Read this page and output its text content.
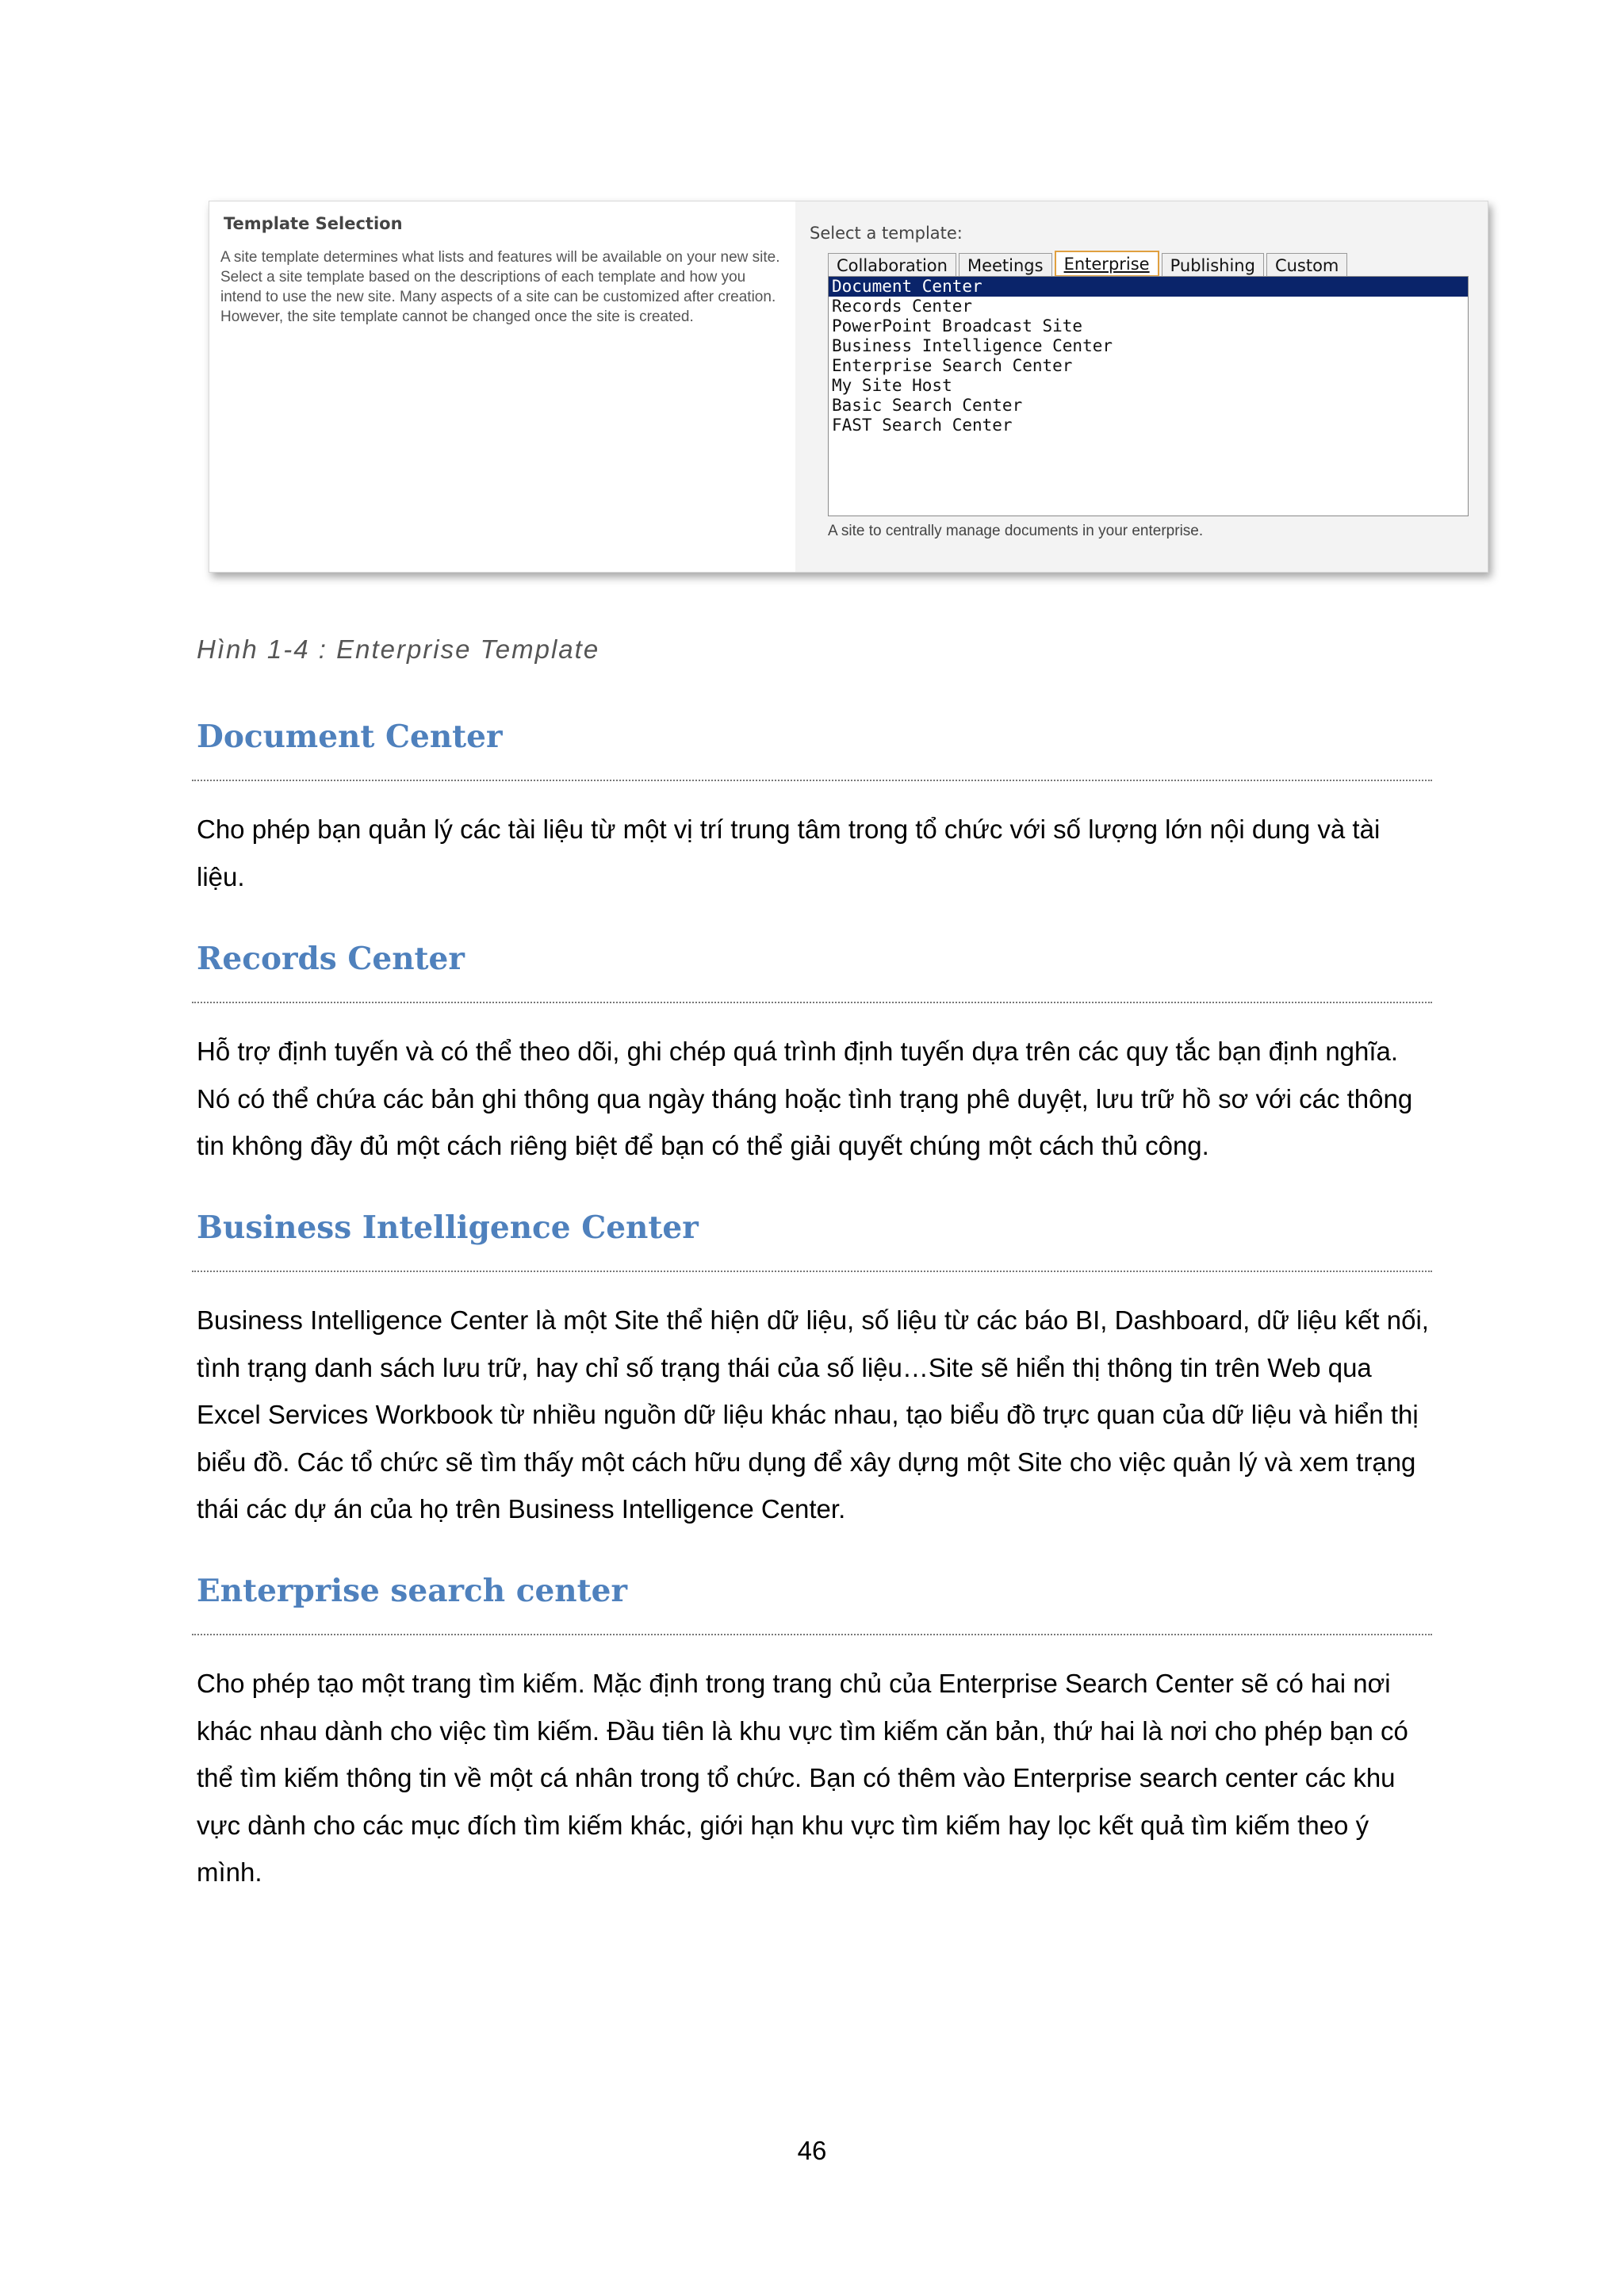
Template Selection
A site template determines what lists and features will be available on your new site. Select a site template based on the descriptions of each template and how you intend to use the new site. Many aspects of a site can be customized after creation. However, the site template cannot be changed once the site is created.
Select a template:
Collaboration	Meetings	Enterprise	Publishing	Custom
Document Center
Records Center
PowerPoint Broadcast Site
Business Intelligence Center
Enterprise Search Center
My Site Host
Basic Search Center
FAST Search Center
A site to centrally manage documents in your enterprise.
Hình 1-4 : Enterprise Template
Document Center

Cho phép bạn quản lý các tài liệu từ một vị trí trung tâm trong tổ chức với số lượng lớn nội dung và tài liệu.

Records Center

Hỗ trợ định tuyến và có thể theo dõi, ghi chép quá trình định tuyến dựa trên các quy tắc bạn định nghĩa. Nó có thể chứa các bản ghi thông qua ngày tháng hoặc tình trạng phê duyệt, lưu trữ hồ sơ với các thông tin không đầy đủ một cách riêng biệt để bạn có thể giải quyết chúng một cách thủ công.

Business Intelligence Center

Business Intelligence Center là một Site thể hiện dữ liệu, số liệu từ các báo BI, Dashboard, dữ liệu kết nối, tình trạng danh sách lưu trữ, hay chỉ số trạng thái của số liệu…Site sẽ hiển thị thông tin trên Web qua Excel Services Workbook từ nhiều nguồn dữ liệu khác nhau, tạo biểu đồ trực quan của dữ liệu và hiển thị biểu đồ. Các tổ chức sẽ tìm thấy một cách hữu dụng để xây dựng một Site cho việc quản lý và xem trạng thái các dự án của họ trên Business Intelligence Center.

Enterprise search center

Cho phép tạo một trang tìm kiếm. Mặc định trong trang chủ của Enterprise Search Center sẽ có hai nơi khác nhau dành cho việc tìm kiếm. Đầu tiên là khu vực tìm kiếm căn bản, thứ hai là nơi cho phép bạn có thể tìm kiếm thông tin về một cá nhân trong tổ chức. Bạn có thêm vào Enterprise search center các khu vực dành cho các mục đích tìm kiếm khác, giới hạn khu vực tìm kiếm hay lọc kết quả tìm kiếm theo ý mình.

46
